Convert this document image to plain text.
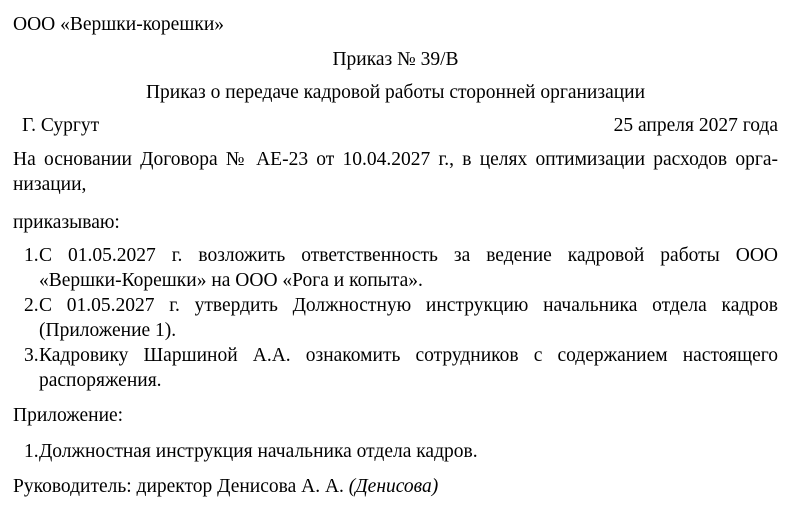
ООО «Вершки-корешки»
Приказ № 39/В
Приказ о передаче кадровой работы сторонней организации
Г. Сургут	25 апреля 2027 года
На основании Договора № АЕ-23 от 10.04.2027 г., в целях оптимизации расходов орга-
низации,
приказываю:
1. С 01.05.2027 г. возложить ответственность за ведение кадровой работы ООО
«Вершки-Корешки» на ООО «Рога и копыта».
2. С 01.05.2027 г. утвердить Должностную инструкцию начальника отдела кадров
(Приложение 1).
3. Кадровику Шаршиной А.А. ознакомить сотрудников с содержанием настоящего
распоряжения.
Приложение:
1. Должностная инструкция начальника отдела кадров.
Руководитель: директор Денисова А. А. (Денисова)
